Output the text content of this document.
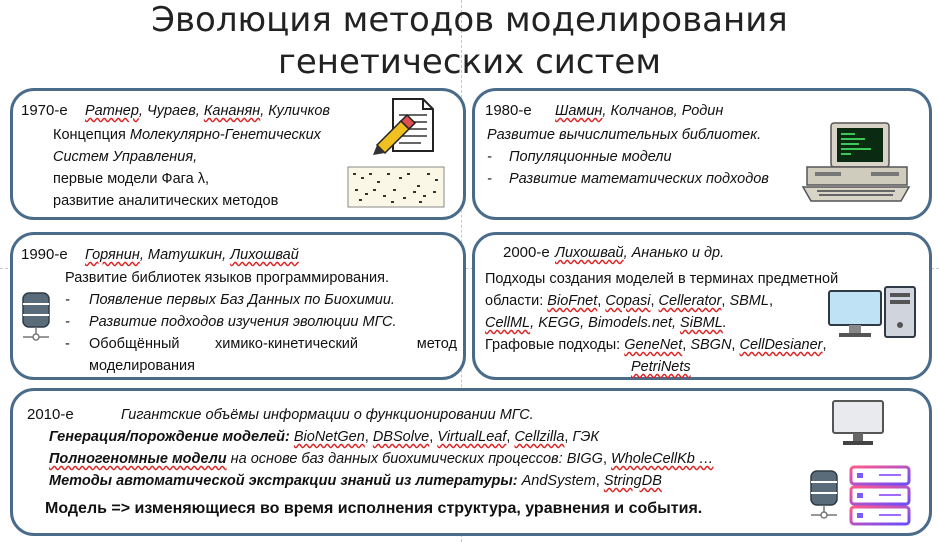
Эволюция методов моделирования
генетических систем
1970-е Ратнер, Чураев, Кананян, Куличков
Концепция Молекулярно-Генетических
Систем Управления,
первые модели Фага λ,
развитие аналитических методов
1980-е Шамин, Колчанов, Родин
Развитие вычислительных библиотек.
- Популяционные модели
- Развитие математических подходов
1990-е Горянин, Матушкин, Лихошвай
Развитие библиотек языков программирования.
- Появление первых Баз Данных по Биохимии.
- Развитие подходов изучения эволюции МГС.
- Обобщённый химико-кинетический	метод
моделирования
2000-е Лихошвай, Ананько и др.
Подходы создания моделей в терминах предметной
области: BioFnet, Copasi, Cellerator, SBML,
CellML, KEGG, Bimodels.net, SiBML.
Графовые подходы: GeneNet, SBGN, CellDesianer,
PetriNets
2010-е	Гигантские объёмы информации о функционировании МГС.
Генерация/порождение моделей: BioNetGen, DBSolve, VirtualLeaf, Cellzilla, ГЭК
Полногеномные модели на основе баз данных биохимических процессов: BIGG, WholeCellKb …
Методы автоматической экстракции знаний из литературы: AndSystem, StringDB
Модель => изменяющиеся во время исполнения структура, уравнения и события.
